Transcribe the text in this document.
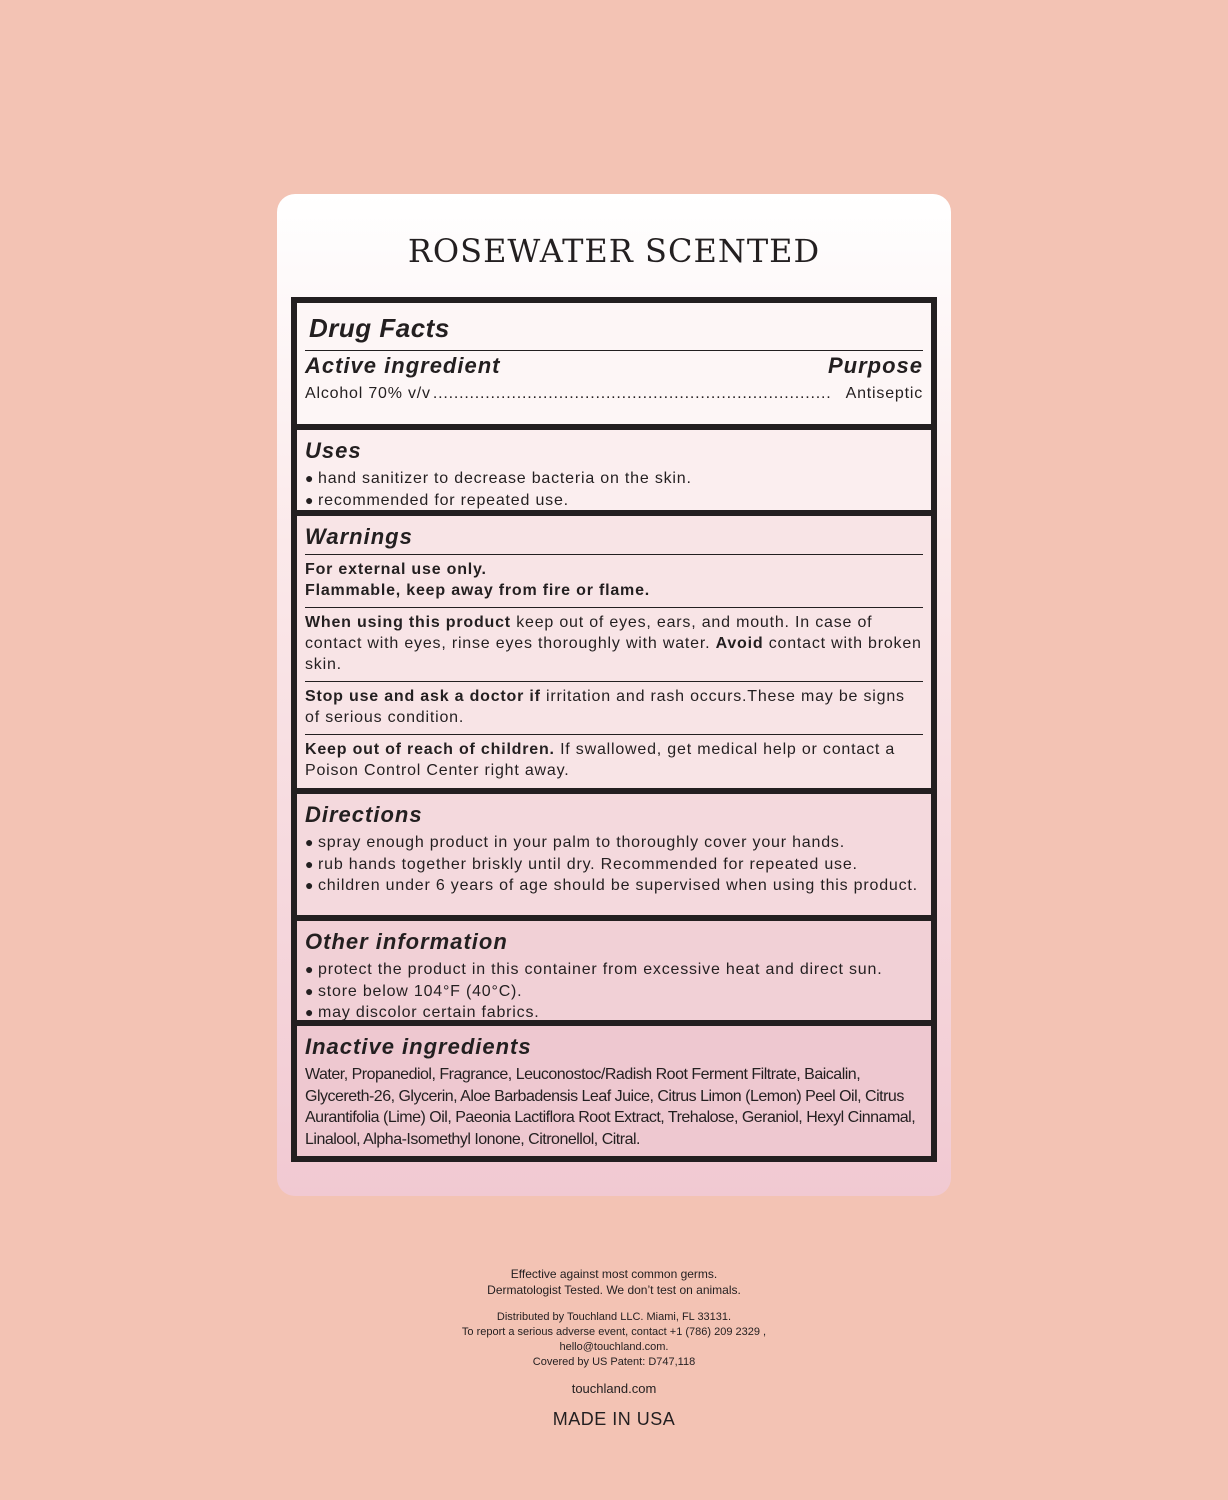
ROSEWATER SCENTED
Drug Facts
Active ingredient	Purpose
Alcohol 70% v/v ............................................................................ Antiseptic
Uses
● hand sanitizer to decrease bacteria on the skin.
● recommended for repeated use.
Warnings
For external use only.
Flammable, keep away from fire or flame.
When using this product keep out of eyes, ears, and mouth. In case of contact with eyes, rinse eyes thoroughly with water. Avoid contact with broken skin.
Stop use and ask a doctor if irritation and rash occurs.These may be signs of serious condition.
Keep out of reach of children. If swallowed, get medical help or contact a Poison Control Center right away.
Directions
● spray enough product in your palm to thoroughly cover your hands.
● rub hands together briskly until dry. Recommended for repeated use.
● children under 6 years of age should be supervised when using this product.
Other information
● protect the product in this container from excessive heat and direct sun.
● store below 104°F (40°C).
● may discolor certain fabrics.
Inactive ingredients
Water, Propanediol, Fragrance, Leuconostoc/Radish Root Ferment Filtrate, Baicalin, Glycereth-26, Glycerin, Aloe Barbadensis Leaf Juice, Citrus Limon (Lemon) Peel Oil, Citrus Aurantifolia (Lime) Oil, Paeonia Lactiflora Root Extract, Trehalose, Geraniol, Hexyl Cinnamal, Linalool, Alpha-Isomethyl Ionone, Citronellol, Citral.
Effective against most common germs.
Dermatologist Tested. We don’t test on animals.
Distributed by Touchland LLC. Miami, FL 33131.
To report a serious adverse event, contact +1 (786) 209 2329 ,
hello@touchland.com.
Covered by US Patent: D747,118
touchland.com
MADE IN USA
